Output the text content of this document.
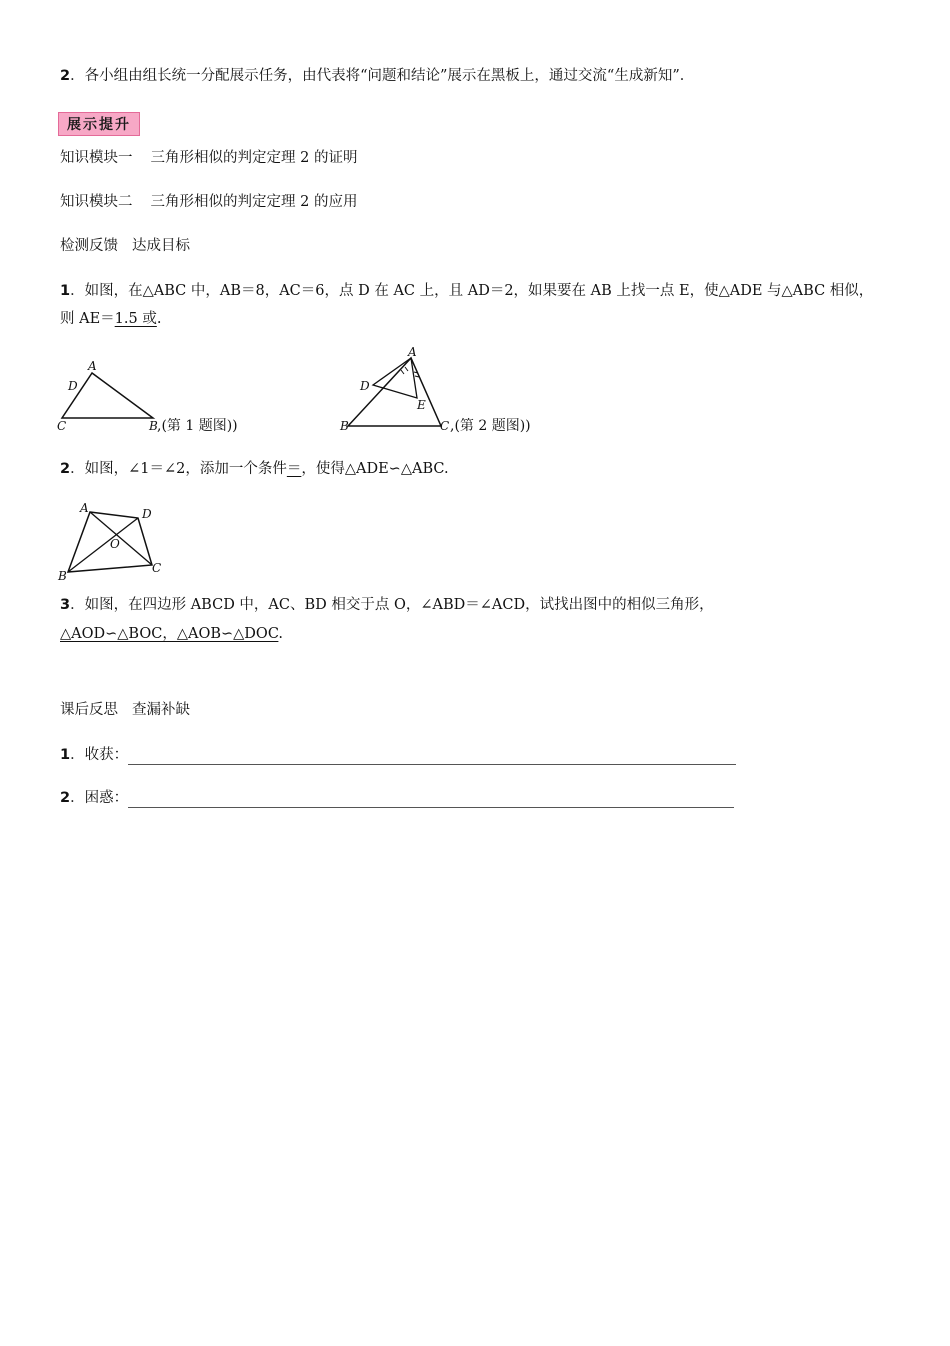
2．各小组由组长统一分配展示任务，由代表将“问题和结论”展示在黑板上，通过交流“生成新知”．
展示提升
知识模块一 三角形相似的判定定理 2 的证明
知识模块二 三角形相似的判定定理 2 的应用
检测反馈 达成目标
1．如图，在△ABC 中，AB＝8，AC＝6，点 D 在 AC 上，且 AD＝2，如果要在 AB 上找一点 E，使△ADE 与△ABC 相似，
则 AE＝1.5 或.
A
D
C	B ,(第 1 题图))
A
D
E
B	C ,(第 2 题图))
2．如图，∠1＝∠2，添加一个条件＝，使得△ADE∽△ABC.
A	D
O
C
B
3．如图，在四边形 ABCD 中，AC、BD 相交于点 O，∠ABD＝∠ACD，试找出图中的相似三角形，
△AOD∽△BOC，△AOB∽△DOC.
课后反思 查漏补缺
1．收获：
2．困惑：
